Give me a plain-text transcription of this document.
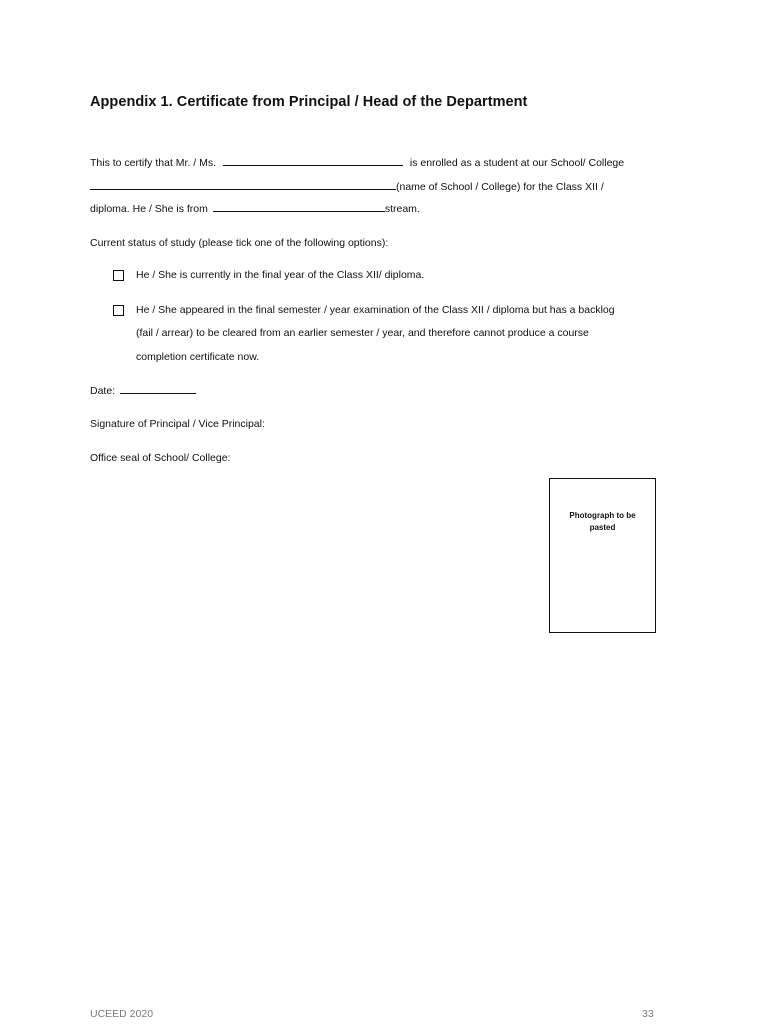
Appendix 1. Certificate from Principal / Head of the Department
This to certify that Mr. / Ms.	is enrolled as a student at our School/ College
(name of School / College) for the Class XII /
diploma. He / She is from	stream.
Current status of study (please tick one of the following options):
He / She is currently in the final year of the Class XII/ diploma.
He / She appeared in the final semester / year examination of the Class XII / diploma but has a backlog
(fail / arrear) to be cleared from an earlier semester / year, and therefore cannot produce a course
completion certificate now.
Date:
Signature of Principal / Vice Principal:
Office seal of School/ College:
Photograph to be pasted
UCEED 2020	33
